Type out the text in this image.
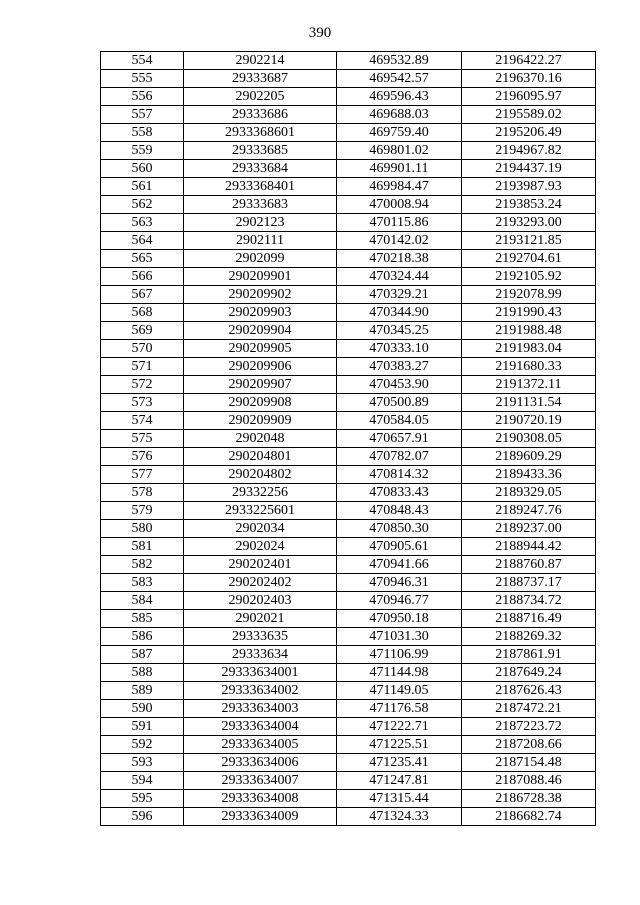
390
554	2902214	469532.89	2196422.27
555	29333687	469542.57	2196370.16
556	2902205	469596.43	2196095.97
557	29333686	469688.03	2195589.02
558	2933368601	469759.40	2195206.49
559	29333685	469801.02	2194967.82
560	29333684	469901.11	2194437.19
561	2933368401	469984.47	2193987.93
562	29333683	470008.94	2193853.24
563	2902123	470115.86	2193293.00
564	2902111	470142.02	2193121.85
565	2902099	470218.38	2192704.61
566	290209901	470324.44	2192105.92
567	290209902	470329.21	2192078.99
568	290209903	470344.90	2191990.43
569	290209904	470345.25	2191988.48
570	290209905	470333.10	2191983.04
571	290209906	470383.27	2191680.33
572	290209907	470453.90	2191372.11
573	290209908	470500.89	2191131.54
574	290209909	470584.05	2190720.19
575	2902048	470657.91	2190308.05
576	290204801	470782.07	2189609.29
577	290204802	470814.32	2189433.36
578	29332256	470833.43	2189329.05
579	2933225601	470848.43	2189247.76
580	2902034	470850.30	2189237.00
581	2902024	470905.61	2188944.42
582	290202401	470941.66	2188760.87
583	290202402	470946.31	2188737.17
584	290202403	470946.77	2188734.72
585	2902021	470950.18	2188716.49
586	29333635	471031.30	2188269.32
587	29333634	471106.99	2187861.91
588	29333634001	471144.98	2187649.24
589	29333634002	471149.05	2187626.43
590	29333634003	471176.58	2187472.21
591	29333634004	471222.71	2187223.72
592	29333634005	471225.51	2187208.66
593	29333634006	471235.41	2187154.48
594	29333634007	471247.81	2187088.46
595	29333634008	471315.44	2186728.38
596	29333634009	471324.33	2186682.74
